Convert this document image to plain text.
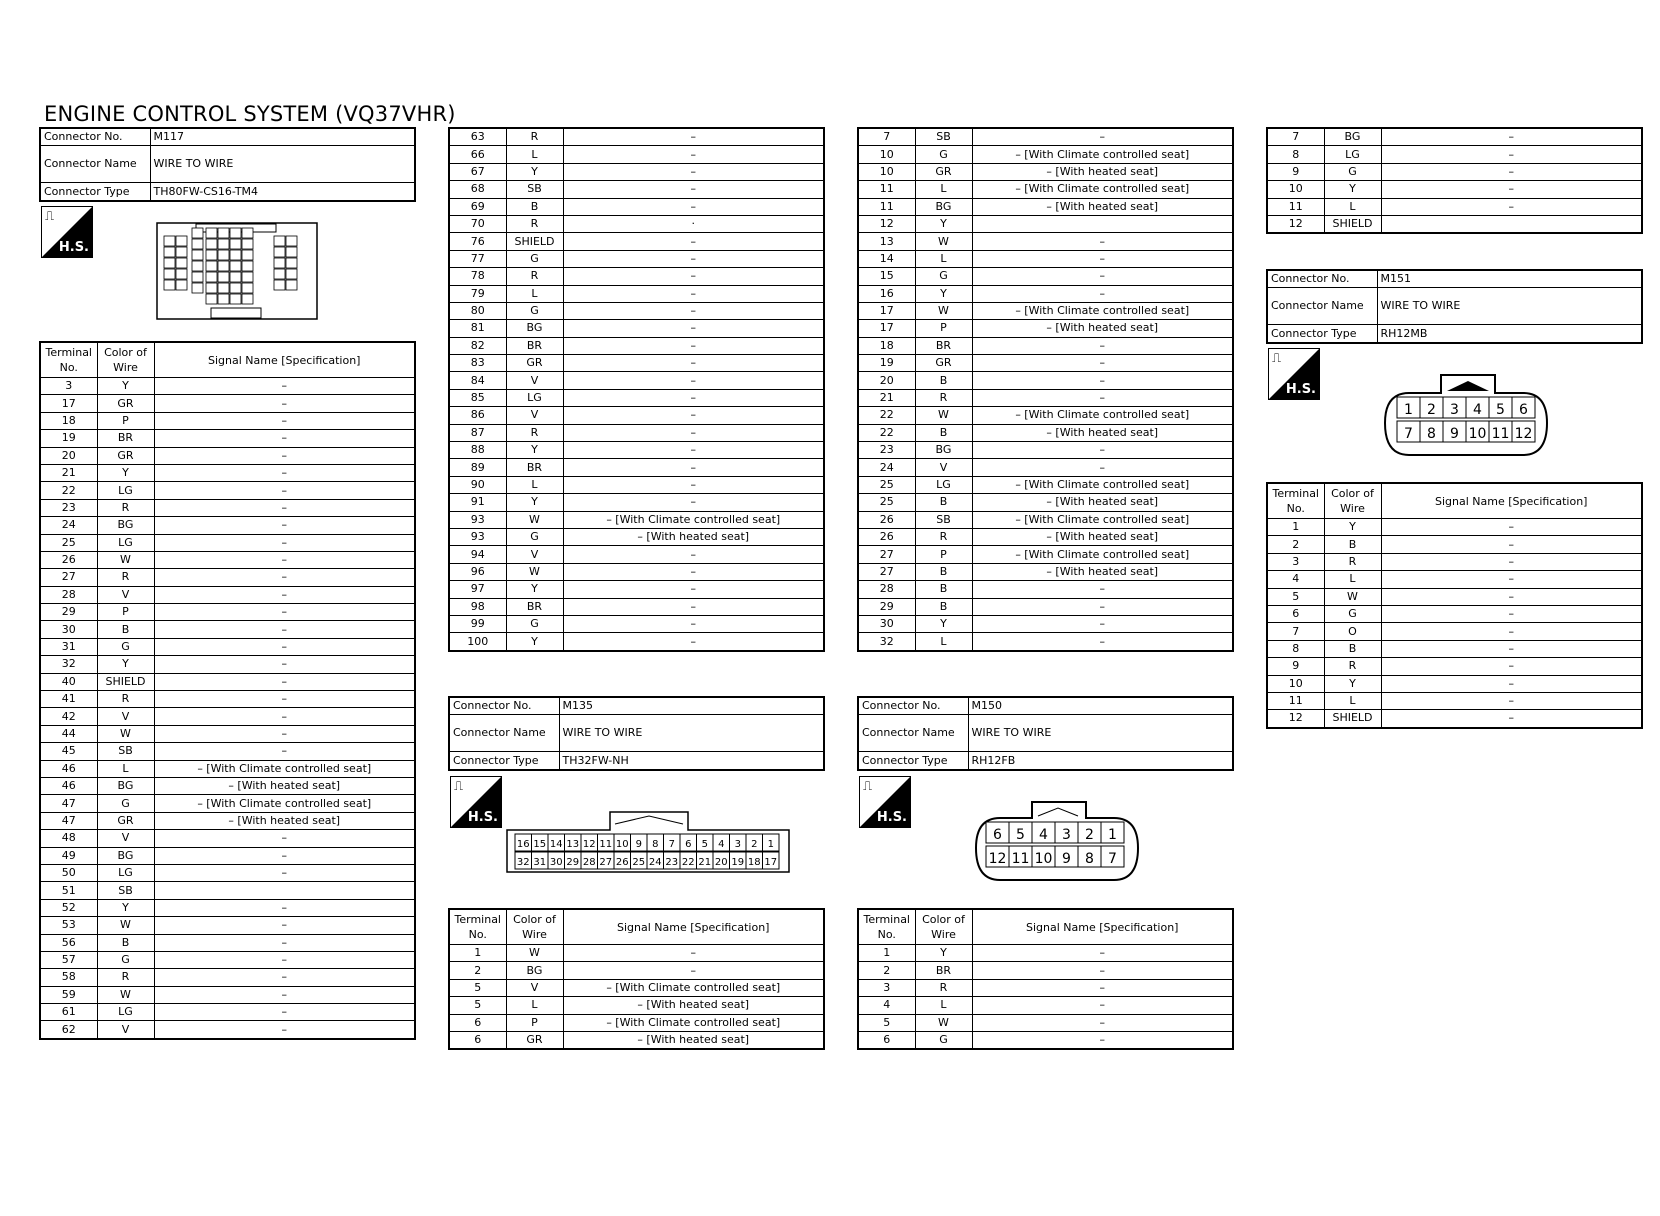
ENGINE CONTROL SYSTEM (VQ37VHR)
Connector No.	M117
Connector Name	WIRE TO WIRE
Connector Type	TH80FW-CS16-TM4
⎍
H.S.
Terminal No.	Color of Wire	Signal Name [Specification]
3	Y	–
17	GR	–
18	P	–
19	BR	–
20	GR	–
21	Y	–
22	LG	–
23	R	–
24	BG	–
25	LG	–
26	W	–
27	R	–
28	V	–
29	P	–
30	B	–
31	G	–
32	Y	–
40	SHIELD	–
41	R	–
42	V	–
44	W	–
45	SB	–
46	L	– [With Climate controlled seat]
46	BG	– [With heated seat]
47	G	– [With Climate controlled seat]
47	GR	– [With heated seat]
48	V	–
49	BG	–
50	LG	–
51	SB	
52	Y	–
53	W	–
56	B	–
57	G	–
58	R	–
59	W	–
61	LG	–
62	V	–
63	R	–
66	L	–
67	Y	–
68	SB	–
69	B	–
70	R	·
76	SHIELD	–
77	G	–
78	R	–
79	L	–
80	G	–
81	BG	–
82	BR	–
83	GR	–
84	V	–
85	LG	–
86	V	–
87	R	–
88	Y	–
89	BR	–
90	L	–
91	Y	–
93	W	– [With Climate controlled seat]
93	G	– [With heated seat]
94	V	–
96	W	–
97	Y	–
98	BR	–
99	G	–
100	Y	–
Connector No.	M135
Connector Name	WIRE TO WIRE
Connector Type	TH32FW-NH
⎍
H.S.
16 15 14 13 12 11 10 9 8 7 6 5 4 3 2 1
32 31 30 29 28 27 26 25 24 23 22 21 20 19 18 17
Terminal No.	Color of Wire	Signal Name [Specification]
1	W	–
2	BG	–
5	V	– [With Climate controlled seat]
5	L	– [With heated seat]
6	P	– [With Climate controlled seat]
6	GR	– [With heated seat]
7	SB	–
10	G	– [With Climate controlled seat]
10	GR	– [With heated seat]
11	L	– [With Climate controlled seat]
11	BG	– [With heated seat]
12	Y	
13	W	–
14	L	–
15	G	–
16	Y	–
17	W	– [With Climate controlled seat]
17	P	– [With heated seat]
18	BR	–
19	GR	–
20	B	–
21	R	–
22	W	– [With Climate controlled seat]
22	B	– [With heated seat]
23	BG	–
24	V	–
25	LG	– [With Climate controlled seat]
25	B	– [With heated seat]
26	SB	– [With Climate controlled seat]
26	R	– [With heated seat]
27	P	– [With Climate controlled seat]
27	B	– [With heated seat]
28	B	–
29	B	–
30	Y	–
32	L	–
Connector No.	M150
Connector Name	WIRE TO WIRE
Connector Type	RH12FB
⎍
H.S.
6 5 4 3 2 1
12 11 10 9 8 7
Terminal No.	Color of Wire	Signal Name [Specification]
1	Y	–
2	BR	–
3	R	–
4	L	–
5	W	–
6	G	–
7	BG	–
8	LG	–
9	G	–
10	Y	–
11	L	–
12	SHIELD	
Connector No.	M151
Connector Name	WIRE TO WIRE
Connector Type	RH12MB
⎍
H.S.
1 2 3 4 5 6
7 8 9 10 11 12
Terminal No.	Color of Wire	Signal Name [Specification]
1	Y	–
2	B	–
3	R	–
4	L	–
5	W	–
6	G	–
7	O	–
8	B	–
9	R	–
10	Y	–
11	L	–
12	SHIELD	–
